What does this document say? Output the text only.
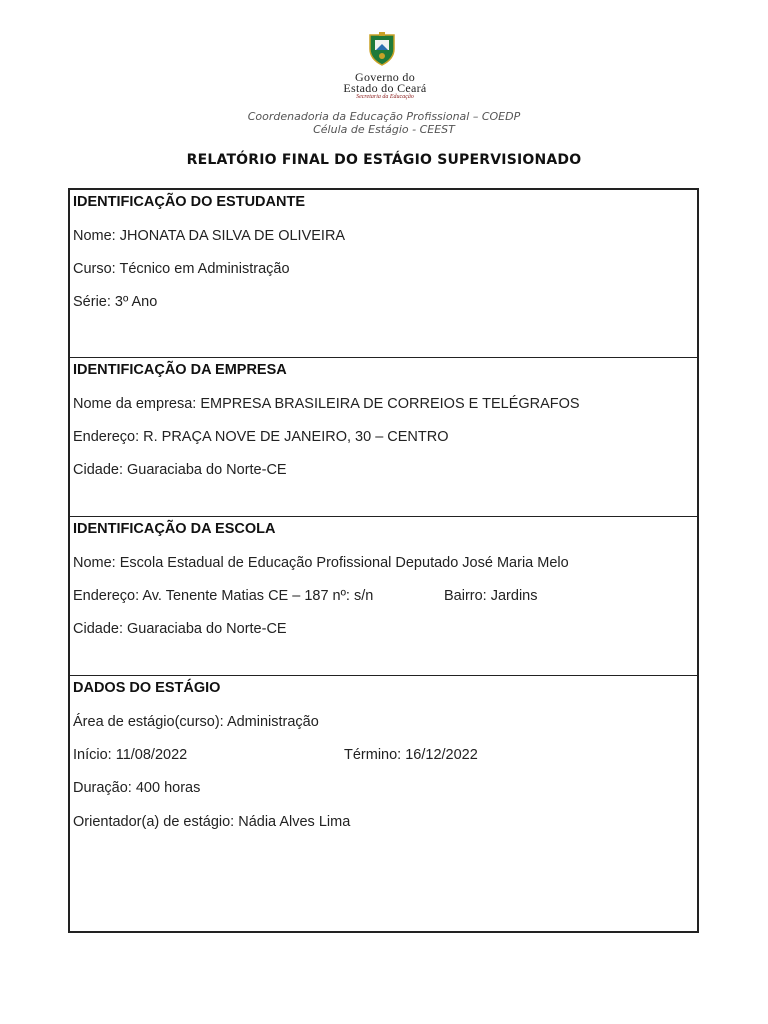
Governo do
Estado do Ceará
Secretaria da Educação
Coordenadoria da Educação Profissional – COEDP
Célula de Estágio - CEEST
RELATÓRIO FINAL DO ESTÁGIO SUPERVISIONADO
IDENTIFICAÇÃO DO ESTUDANTE
Nome: JHONATA DA SILVA DE OLIVEIRA
Curso: Técnico em Administração
Série: 3º Ano
IDENTIFICAÇÃO DA EMPRESA
Nome da empresa: EMPRESA BRASILEIRA DE CORREIOS E TELÉGRAFOS
Endereço: R. PRAÇA NOVE DE JANEIRO, 30 – CENTRO
Cidade: Guaraciaba do Norte-CE
IDENTIFICAÇÃO DA ESCOLA
Nome: Escola Estadual de Educação Profissional Deputado José Maria Melo
Endereço: Av. Tenente Matias CE – 187 nº: s/n	Bairro: Jardins
Cidade: Guaraciaba do Norte-CE
DADOS DO ESTÁGIO
Área de estágio(curso): Administração
Início: 11/08/2022	Término: 16/12/2022
Duração: 400 horas
Orientador(a) de estágio: Nádia Alves Lima
